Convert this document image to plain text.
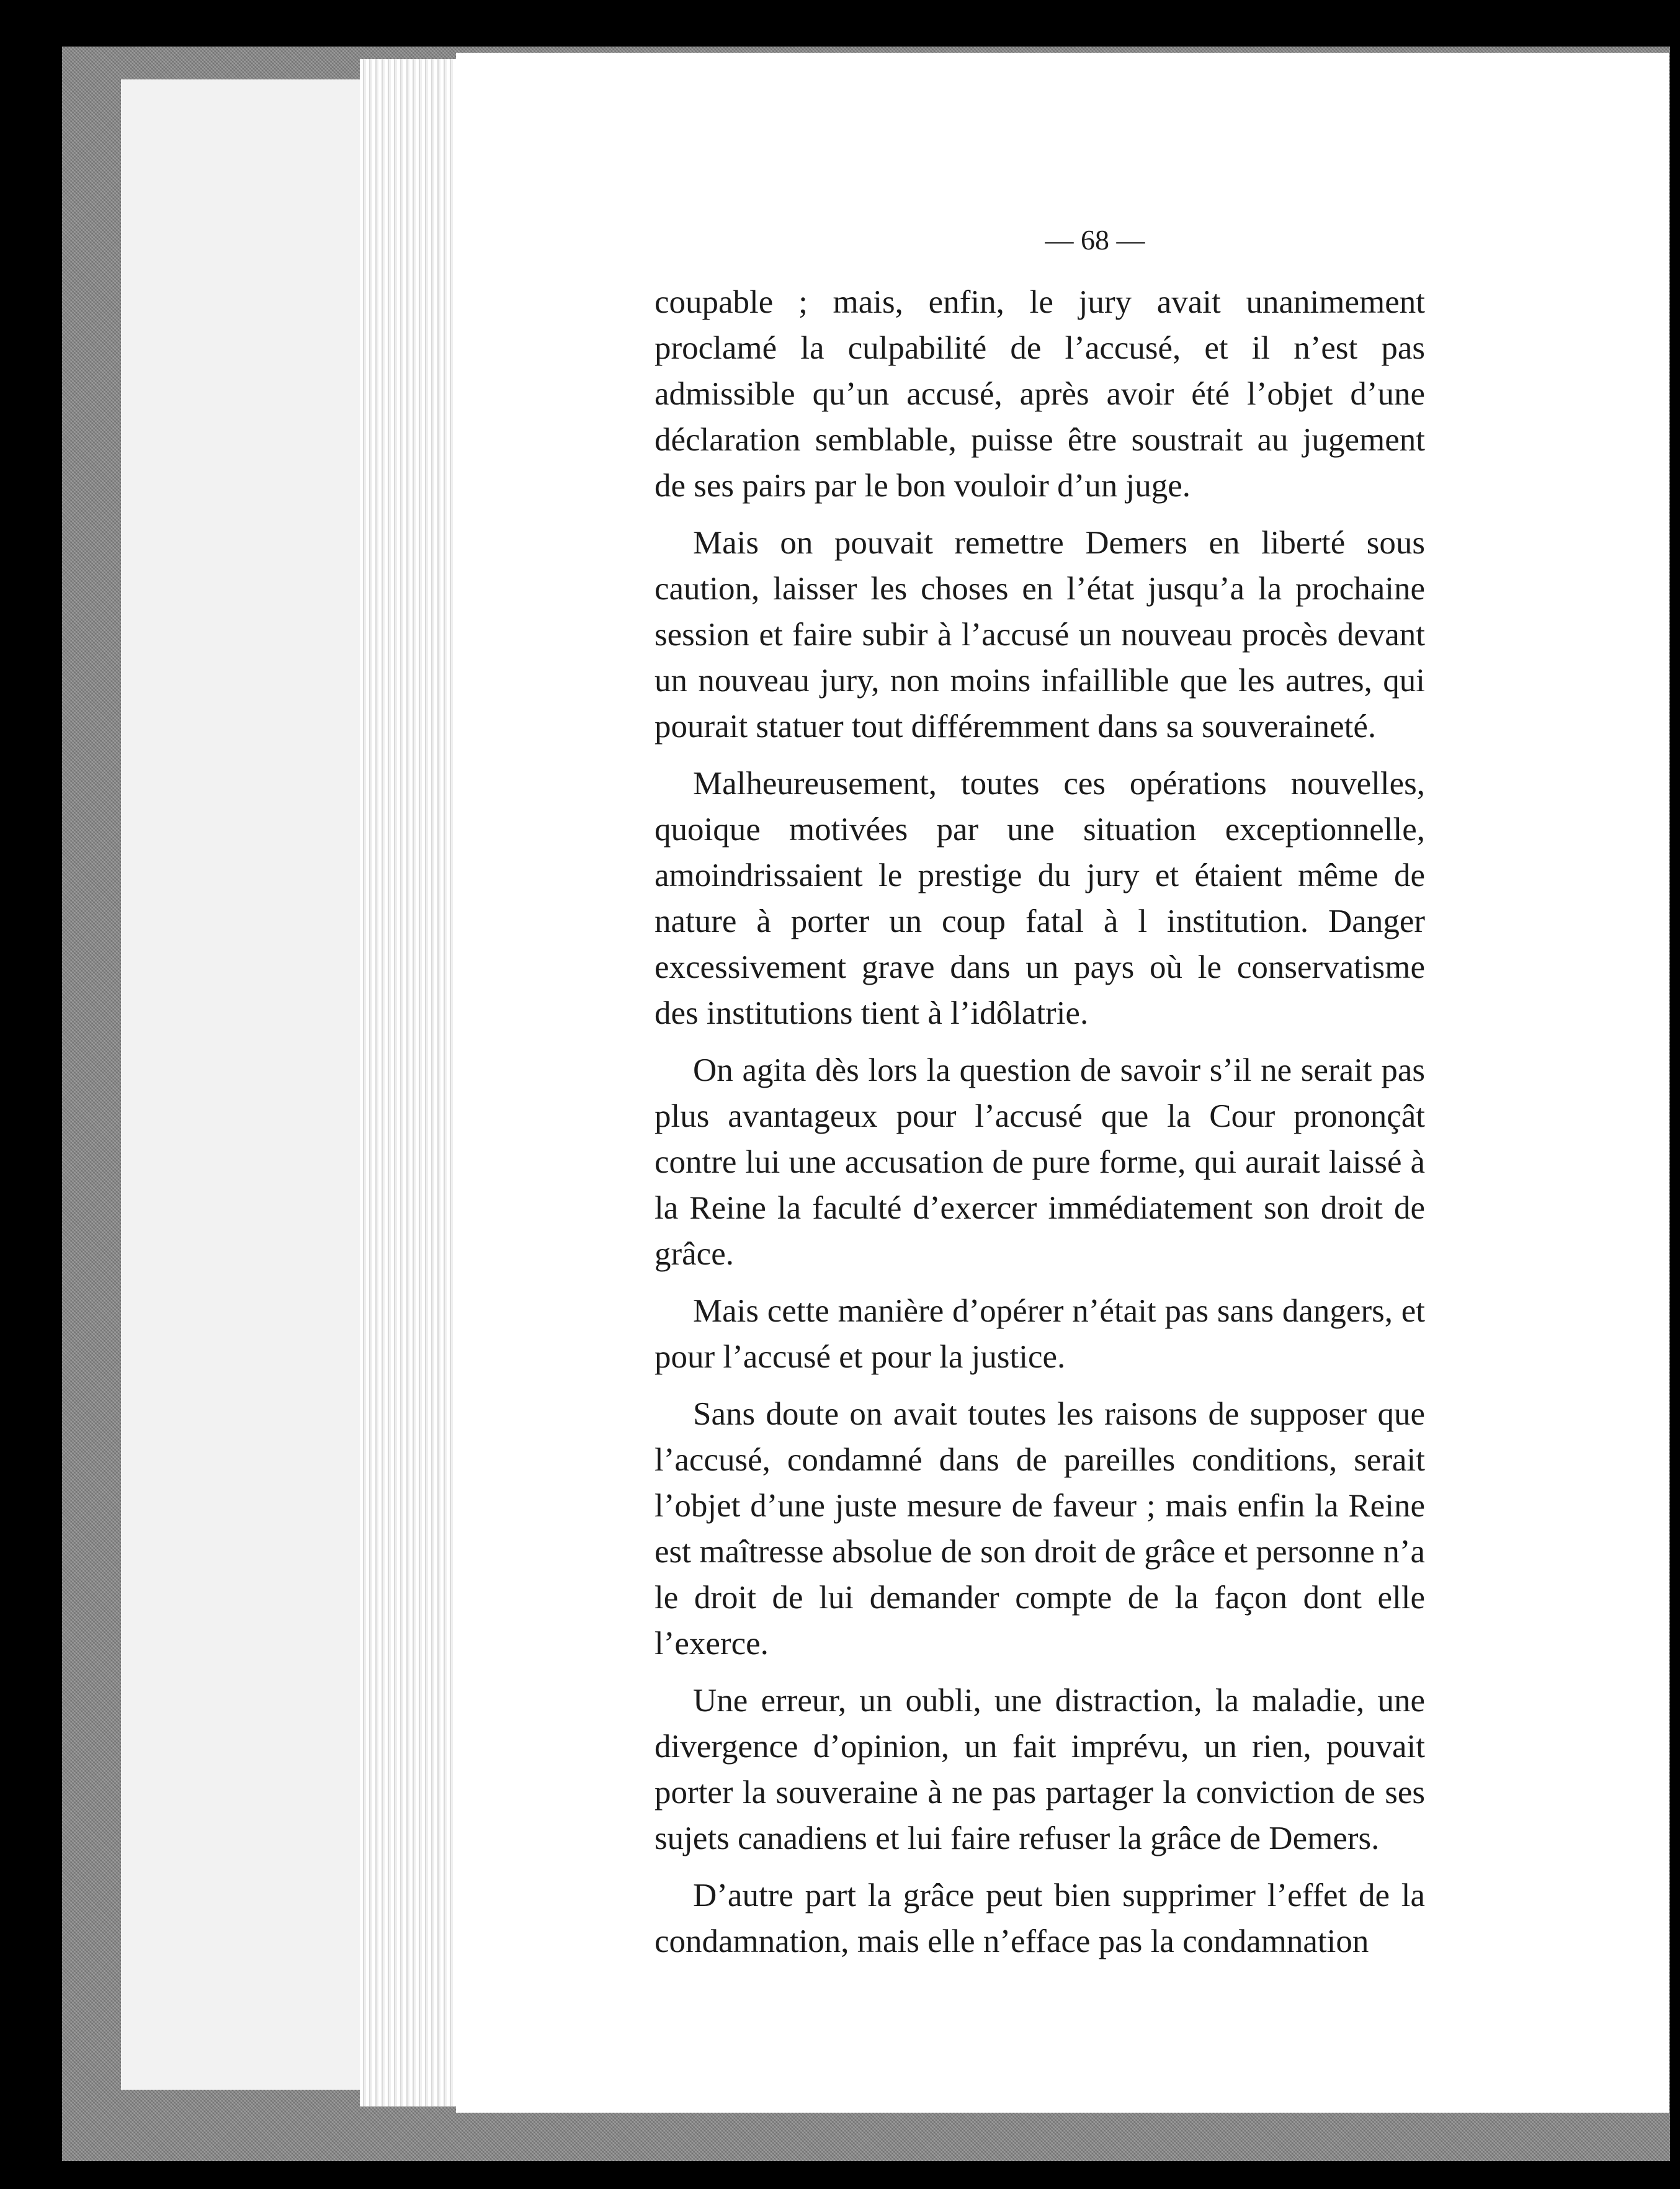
— 68 —

coupable ; mais, enfin, le jury avait unanimement proclamé la culpabilité de l’accusé, et il n’est pas admissible qu’un accusé, après avoir été l’objet d’une déclaration semblable, puisse être soustrait au jugement de ses pairs par le bon vouloir d’un juge.

Mais on pouvait remettre Demers en liberté sous caution, laisser les choses en l’état jusqu’a la prochaine session et faire subir à l’accusé un nouveau procès devant un nouveau jury, non moins infaillible que les autres, qui pourait statuer tout différemment dans sa souveraineté.

Malheureusement, toutes ces opérations nouvelles, quoique motivées par une situation exceptionnelle, amoindrissaient le prestige du jury et étaient même de nature à porter un coup fatal à l institution. Danger excessivement grave dans un pays où le conservatisme des institutions tient à l’idôlatrie.

On agita dès lors la question de savoir s’il ne serait pas plus avantageux pour l’accusé que la Cour prononçât contre lui une accusation de pure forme, qui aurait laissé à la Reine la faculté d’exercer immédiatement son droit de grâce.

Mais cette manière d’opérer n’était pas sans dangers, et pour l’accusé et pour la justice.

Sans doute on avait toutes les raisons de supposer que l’accusé, condamné dans de pareilles conditions, serait l’objet d’une juste mesure de faveur ; mais enfin la Reine est maîtresse absolue de son droit de grâce et personne n’a le droit de lui demander compte de la façon dont elle l’exerce.

Une erreur, un oubli, une distraction, la maladie, une divergence d’opinion, un fait imprévu, un rien, pouvait porter la souveraine à ne pas partager la conviction de ses sujets canadiens et lui faire refuser la grâce de Demers.

D’autre part la grâce peut bien supprimer l’effet de la condamnation, mais elle n’efface pas la condamnation
